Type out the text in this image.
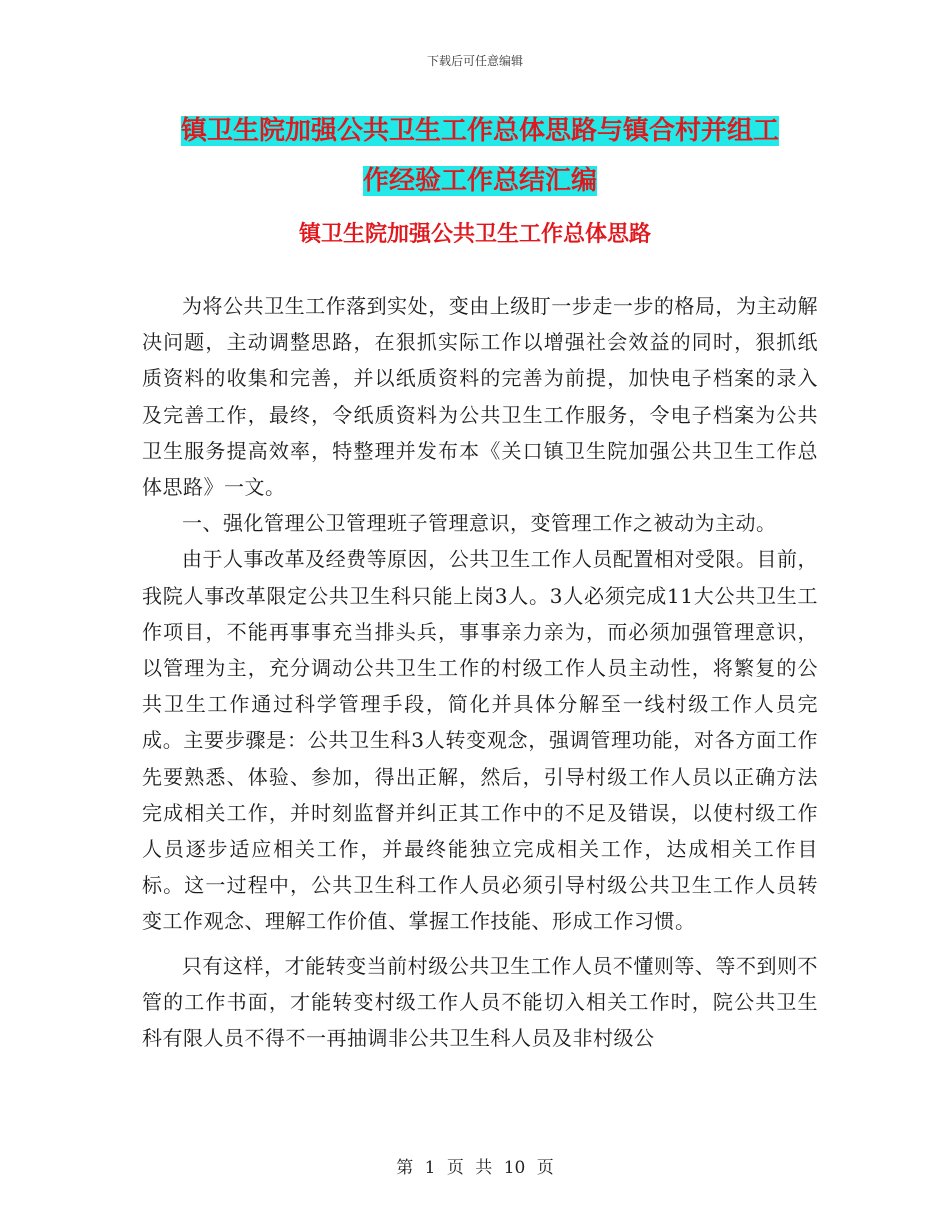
下载后可任意编辑
镇卫生院加强公共卫生工作总体思路与镇合村并组工
作经验工作总结汇编
镇卫生院加强公共卫生工作总体思路

为将公共卫生工作落到实处，变由上级盯一步走一步的格局，为主动解决问题，主动调整思路，在狠抓实际工作以增强社会效益的同时，狠抓纸质资料的收集和完善，并以纸质资料的完善为前提，加快电子档案的录入及完善工作，最终，令纸质资料为公共卫生工作服务，令电子档案为公共卫生服务提高效率，特整理并发布本《关口镇卫生院加强公共卫生工作总体思路》一文。

一、强化管理公卫管理班子管理意识，变管理工作之被动为主动。

由于人事改革及经费等原因，公共卫生工作人员配置相对受限。目前，我院人事改革限定公共卫生科只能上岗3人。3人必须完成11大公共卫生工作项目，不能再事事充当排头兵，事事亲力亲为，而必须加强管理意识，以管理为主，充分调动公共卫生工作的村级工作人员主动性，将繁复的公共卫生工作通过科学管理手段，简化并具体分解至一线村级工作人员完成。主要步骤是：公共卫生科3人转变观念，强调管理功能，对各方面工作先要熟悉、体验、参加，得出正解，然后，引导村级工作人员以正确方法完成相关工作，并时刻监督并纠正其工作中的不足及错误，以使村级工作人员逐步适应相关工作，并最终能独立完成相关工作，达成相关工作目标。这一过程中，公共卫生科工作人员必须引导村级公共卫生工作人员转变工作观念、理解工作价值、掌握工作技能、形成工作习惯。

只有这样，才能转变当前村级公共卫生工作人员不懂则等、等不到则不管的工作书面，才能转变村级工作人员不能切入相关工作时，院公共卫生科有限人员不得不一再抽调非公共卫生科人员及非村级公

第 1 页 共 10 页
